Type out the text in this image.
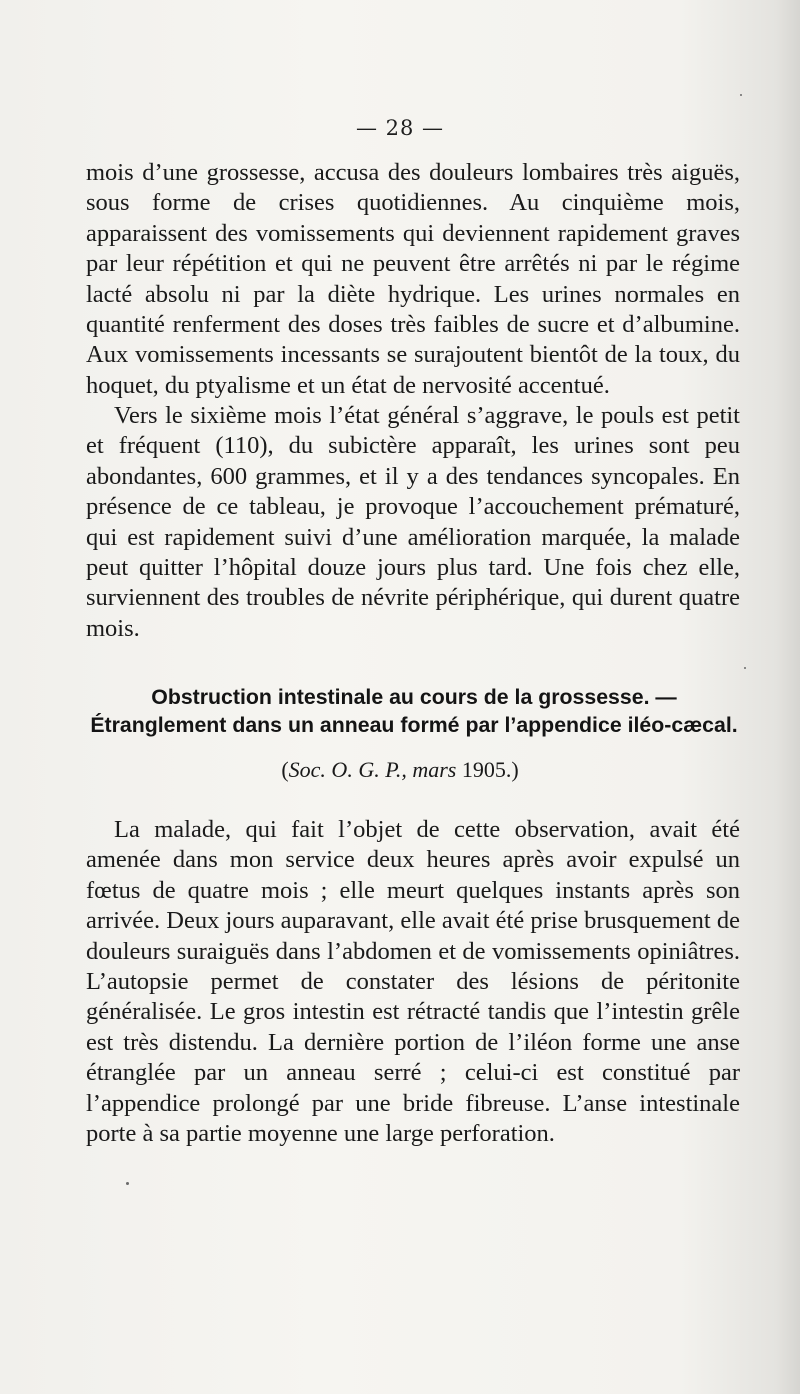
— 28 —
mois d’une grossesse, accusa des douleurs lombaires très aiguës, sous forme de crises quotidiennes. Au cinquième mois, apparaissent des vomissements qui deviennent rapidement graves par leur répétition et qui ne peuvent être arrêtés ni par le régime lacté absolu ni par la diète hydrique. Les urines normales en quantité renferment des doses très faibles de sucre et d’albumine. Aux vomissements incessants se surajoutent bientôt de la toux, du hoquet, du ptyalisme et un état de nervosité accentué.
Vers le sixième mois l’état général s’aggrave, le pouls est petit et fréquent (110), du subictère apparaît, les urines sont peu abondantes, 600 grammes, et il y a des tendances syncopales. En présence de ce tableau, je provoque l’accouchement prématuré, qui est rapidement suivi d’une amélioration marquée, la malade peut quitter l’hôpital douze jours plus tard. Une fois chez elle, surviennent des troubles de névrite périphérique, qui durent quatre mois.
Obstruction intestinale au cours de la grossesse. — Étranglement dans un anneau formé par l’appendice iléo-cæcal.
(Soc. O. G. P., mars 1905.)
La malade, qui fait l’objet de cette observation, avait été amenée dans mon service deux heures après avoir expulsé un fœtus de quatre mois ; elle meurt quelques instants après son arrivée. Deux jours auparavant, elle avait été prise brusquement de douleurs suraiguës dans l’abdomen et de vomissements opiniâtres. L’autopsie permet de constater des lésions de péritonite généralisée. Le gros intestin est rétracté tandis que l’intestin grêle est très distendu. La dernière portion de l’iléon forme une anse étranglée par un anneau serré ; celui-ci est constitué par l’appendice prolongé par une bride fibreuse. L’anse intestinale porte à sa partie moyenne une large perforation.
